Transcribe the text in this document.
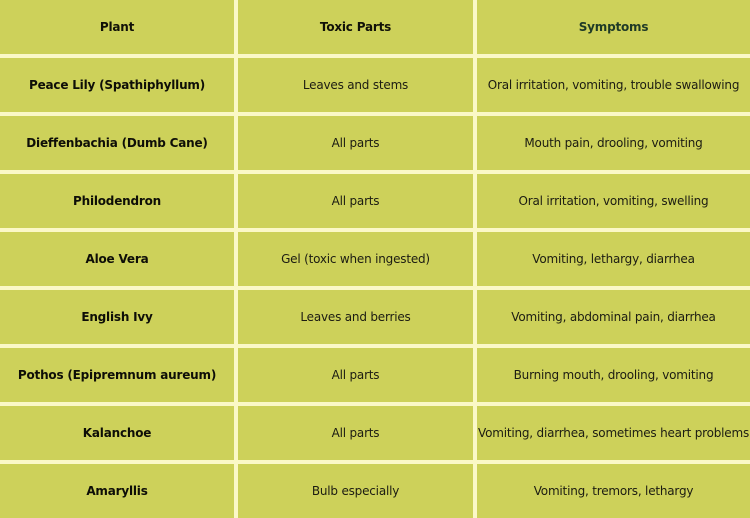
Plant	Toxic Parts	Symptoms
Peace Lily (Spathiphyllum)	Leaves and stems	Oral irritation, vomiting, trouble swallowing
Dieffenbachia (Dumb Cane)	All parts	Mouth pain, drooling, vomiting
Philodendron	All parts	Oral irritation, vomiting, swelling
Aloe Vera	Gel (toxic when ingested)	Vomiting, lethargy, diarrhea
English Ivy	Leaves and berries	Vomiting, abdominal pain, diarrhea
Pothos (Epipremnum aureum)	All parts	Burning mouth, drooling, vomiting
Kalanchoe	All parts	Vomiting, diarrhea, sometimes heart problems
Amaryllis	Bulb especially	Vomiting, tremors, lethargy
